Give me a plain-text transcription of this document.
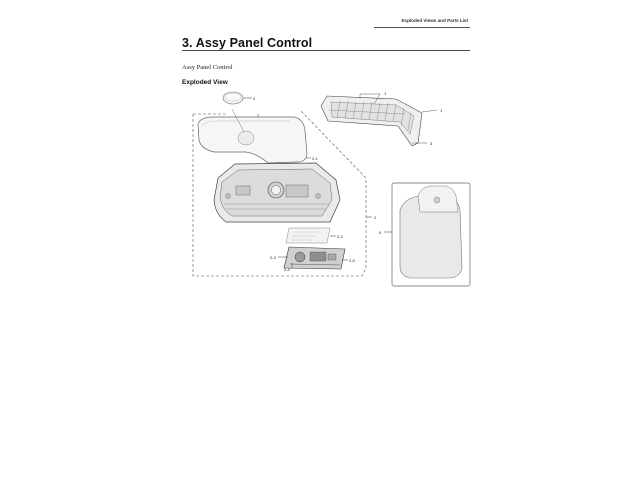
Exploded Views and Parts List
3. Assy Panel Control
Assy Panel Control
Exploded View
4
2-1
2-2
2-3
2-4
2-5
2
1
1
3
0
